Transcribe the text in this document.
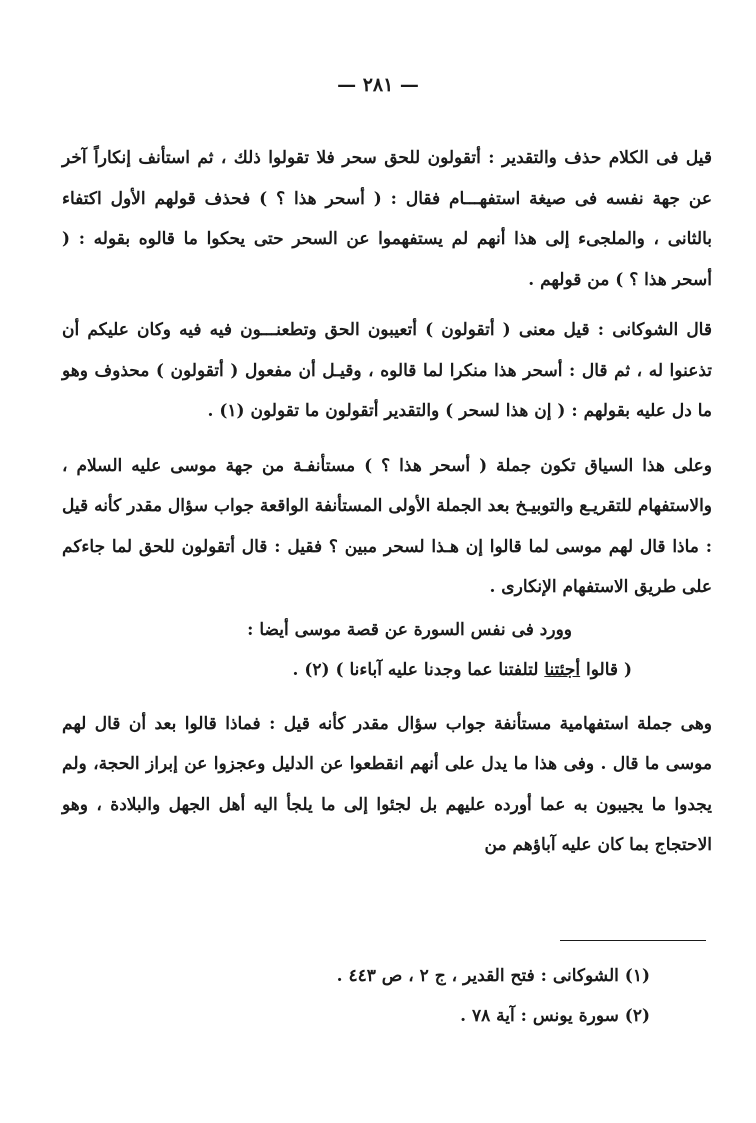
— ٢٨١ —

قيل فى الكلام حذف والتقدير : أتقولون للحق سحر فلا تقولوا ذلك ، ثم استأنف إنكاراً آخر عن جهة نفسه فى صيغة استفهـــام فقال : ( أسحر هذا ؟ ) فحذف قولهم الأول اكتفاء بالثانى ، والملجىء إلى هذا أنهم لم يستفهموا عن السحر حتى يحكوا ما قالوه بقوله : ( أسحر هذا ؟ ) من قولهم .

قال الشوكانى : قيل معنى ( أتقولون ) أتعيبون الحق وتطعنـــون فيه فيه وكان عليكم أن تذعنوا له ، ثم قال : أسحر هذا منكرا لما قالوه ، وقيـل أن مفعول ( أتقولون ) محذوف وهو ما دل عليه بقولهم : ( إن هذا لسحر ) والتقدير أتقولون ما تقولون (١) .

وعلى هذا السياق تكون جملة ( أسحر هذا ؟ ) مستأنفـة من جهة موسى عليه السلام ، والاستفهام للتقريـع والتوبيـخ بعد الجملة الأولى المستأنفة الواقعة جواب سؤال مقدر كأنه قيل : ماذا قال لهم موسى لما قالوا إن هـذا لسحر مبين ؟ فقيل : قال أتقولون للحق لما جاءكم على طريق الاستفهام الإنكارى .

وورد فى نفس السورة عن قصة موسى أيضا :

( قالوا أجئتنا لتلفتنا عما وجدنا عليه آباءنا ) (٢) .

وهى جملة استفهامية مستأنفة جواب سؤال مقدر كأنه قيل : فماذا قالوا بعد أن قال لهم موسى ما قال . وفى هذا ما يدل على أنهم انقطعوا عن الدليل وعجزوا عن إبراز الحجة، ولم يجدوا ما يجيبون به عما أورده عليهم بل لجئوا إلى ما يلجأ اليه أهل الجهل والبلادة ، وهو الاحتجاج بما كان عليه آباؤهم من

(١) الشوكانى : فتح القدير ، ج ٢ ، ص ٤٤٣ .

(٢) سورة يونس : آية ٧٨ .
